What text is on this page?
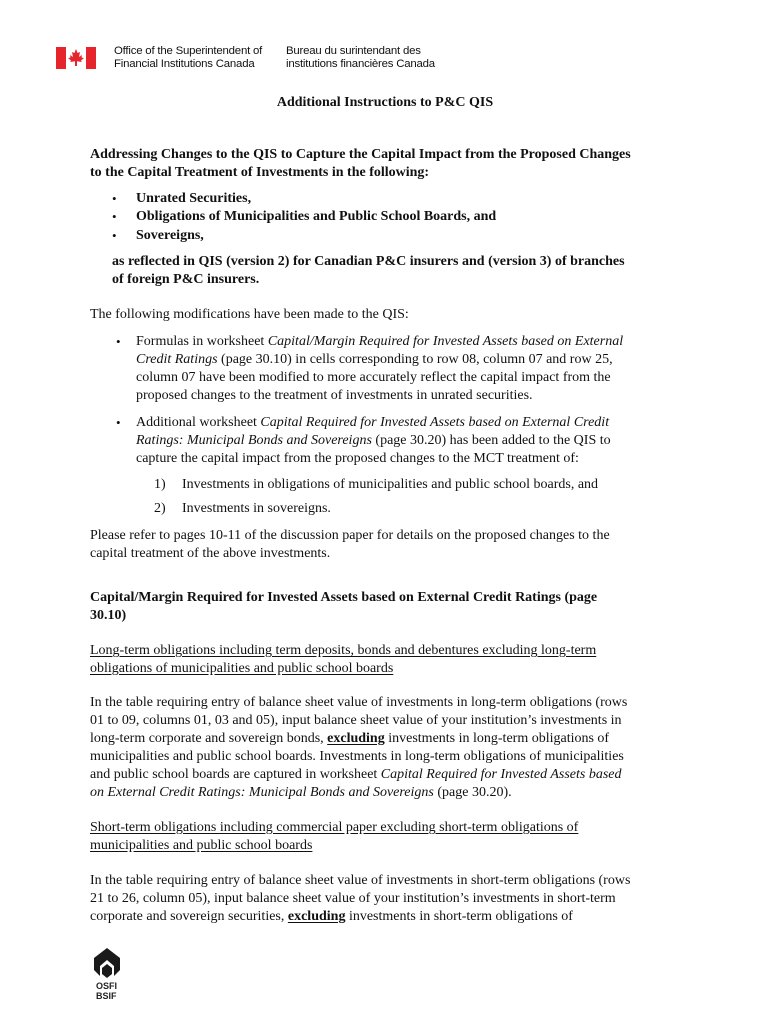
Office of the Superintendent of
Financial Institutions Canada
Bureau du surintendant des
institutions financières Canada

Additional Instructions to P&C QIS

Addressing Changes to the QIS to Capture the Capital Impact from the Proposed Changes

to the Capital Treatment of Investments in the following:

• Unrated Securities,

• Obligations of Municipalities and Public School Boards, and

• Sovereigns,

as reflected in QIS (version 2) for Canadian P&C insurers and (version 3) of branches

of foreign P&C insurers.

The following modifications have been made to the QIS:

• Formulas in worksheet Capital/Margin Required for Invested Assets based on External

Credit Ratings (page 30.10) in cells corresponding to row 08, column 07 and row 25,

column 07 have been modified to more accurately reflect the capital impact from the

proposed changes to the treatment of investments in unrated securities.

• Additional worksheet Capital Required for Invested Assets based on External Credit

Ratings: Municipal Bonds and Sovereigns (page 30.20) has been added to the QIS to

capture the capital impact from the proposed changes to the MCT treatment of:

1) Investments in obligations of municipalities and public school boards, and

2) Investments in sovereigns.

Please refer to pages 10-11 of the discussion paper for details on the proposed changes to the

capital treatment of the above investments.

Capital/Margin Required for Invested Assets based on External Credit Ratings (page

30.10)

Long-term obligations including term deposits, bonds and debentures excluding long-term

obligations of municipalities and public school boards

In the table requiring entry of balance sheet value of investments in long-term obligations (rows

01 to 09, columns 01, 03 and 05), input balance sheet value of your institution’s investments in

long-term corporate and sovereign bonds, excluding investments in long-term obligations of

municipalities and public school boards. Investments in long-term obligations of municipalities

and public school boards are captured in worksheet Capital Required for Invested Assets based

on External Credit Ratings: Municipal Bonds and Sovereigns (page 30.20).

Short-term obligations including commercial paper excluding short-term obligations of

municipalities and public school boards

In the table requiring entry of balance sheet value of investments in short-term obligations (rows

21 to 26, column 05), input balance sheet value of your institution’s investments in short-term

corporate and sovereign securities, excluding investments in short-term obligations of

OSFI
BSIF
